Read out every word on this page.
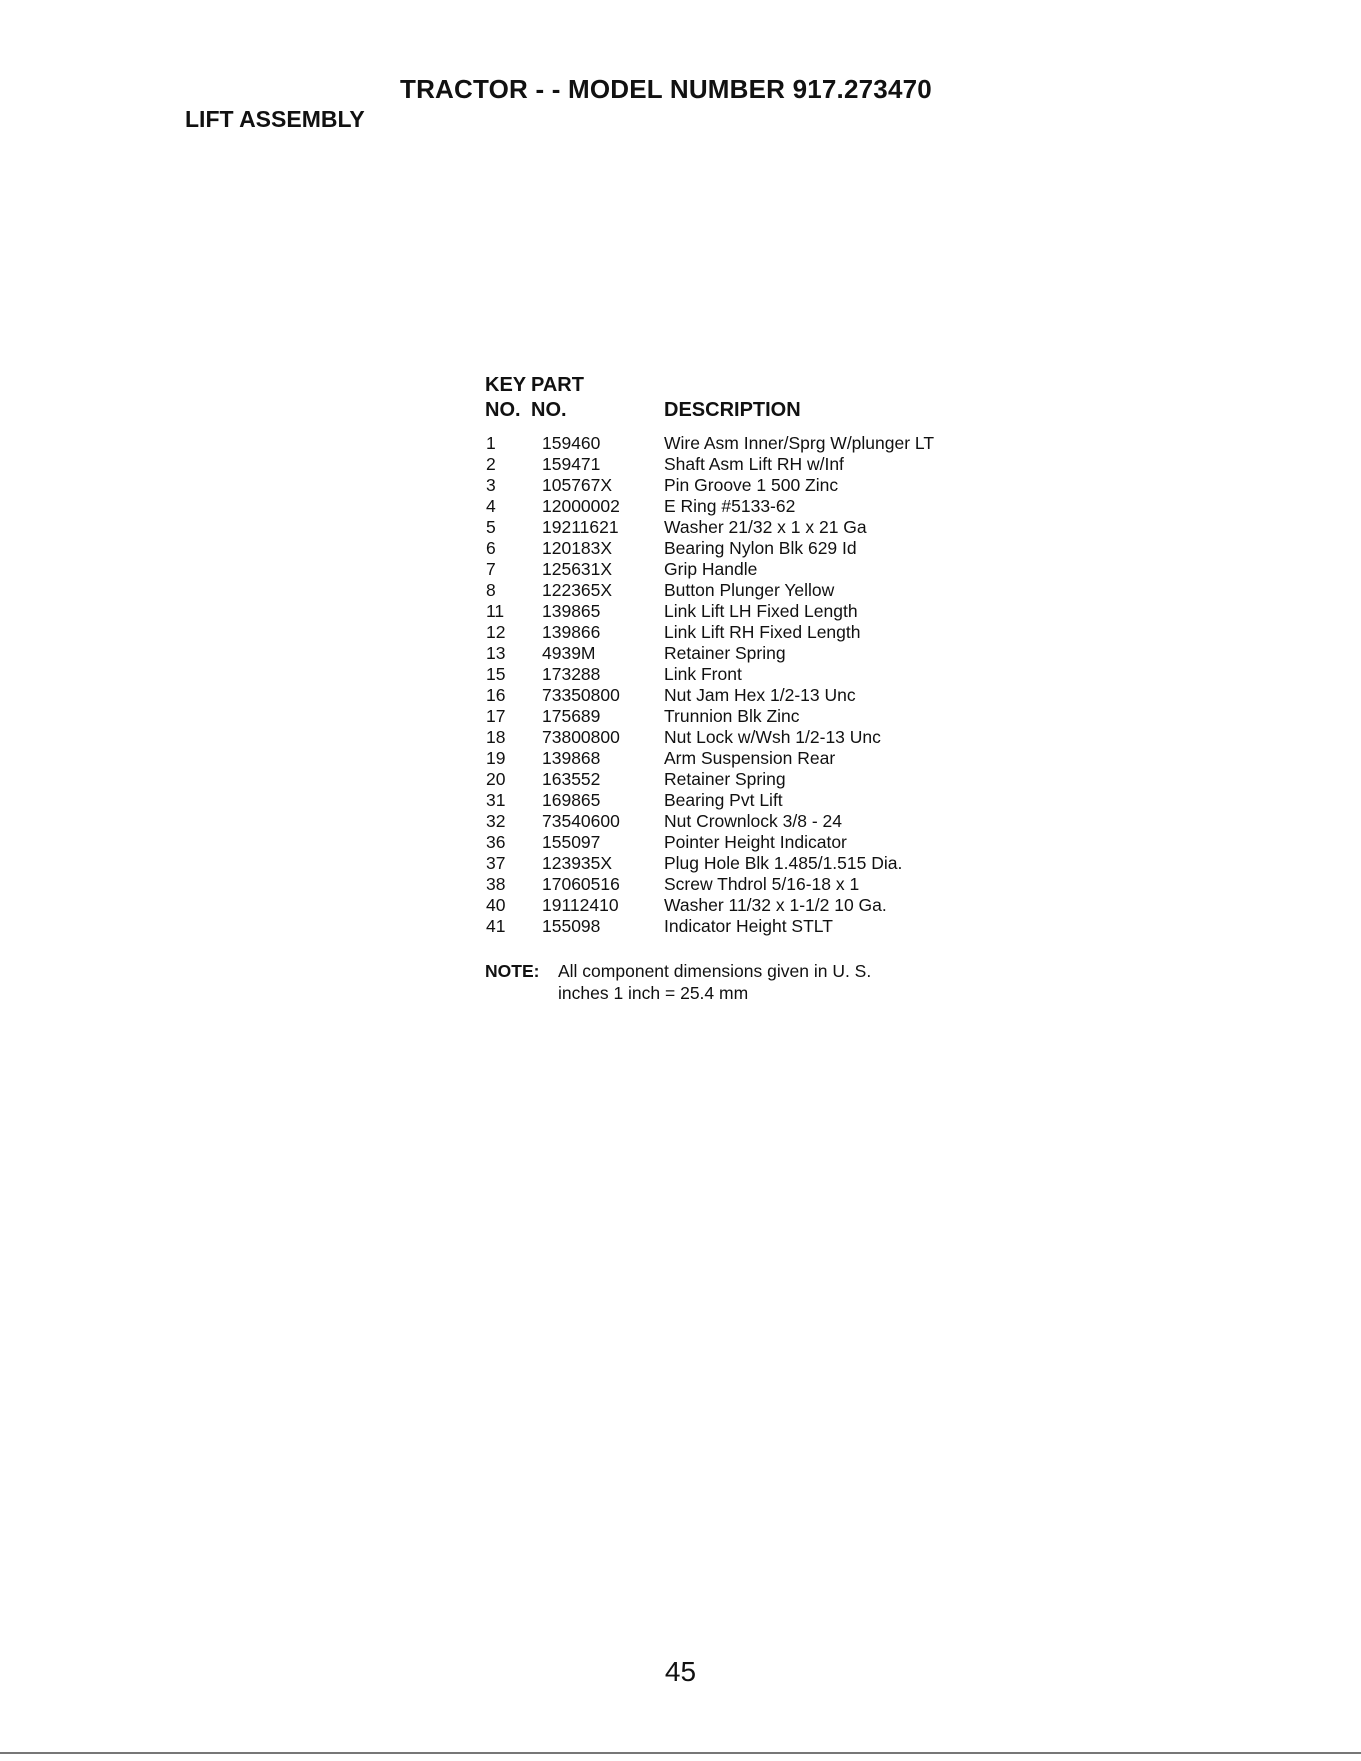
TRACTOR - - MODEL NUMBER 917.273470
LIFT ASSEMBLY
KEY PART
NO. NO.	DESCRIPTION
1	159460	Wire Asm Inner/Sprg W/plunger LT
2	159471	Shaft Asm Lift RH w/Inf
3	105767X	Pin Groove 1 500 Zinc
4	12000002	E Ring #5133-62
5	19211621	Washer 21/32 x 1 x 21 Ga
6	120183X	Bearing Nylon Blk 629 Id
7	125631X	Grip Handle
8	122365X	Button Plunger Yellow
11 139865	Link Lift LH Fixed Length
12 139866	Link Lift RH Fixed Length
13 4939M	Retainer Spring
15 173288	Link Front
16 73350800	Nut Jam Hex 1/2-13 Unc
17 175689	Trunnion Blk Zinc
18 73800800	Nut Lock w/Wsh 1/2-13 Unc
19 139868	Arm Suspension Rear
20 163552	Retainer Spring
31 169865	Bearing Pvt Lift
32 73540600	Nut Crownlock 3/8 - 24
36 155097	Pointer Height Indicator
37 123935X	Plug Hole Blk 1.485/1.515 Dia.
38 17060516	Screw Thdrol 5/16-18 x 1
40 19112410	Washer 11/32 x 1-1/2 10 Ga.
41 155098	Indicator Height STLT
NOTE: All component dimensions given in U. S.
inches 1 inch = 25.4 mm
45
